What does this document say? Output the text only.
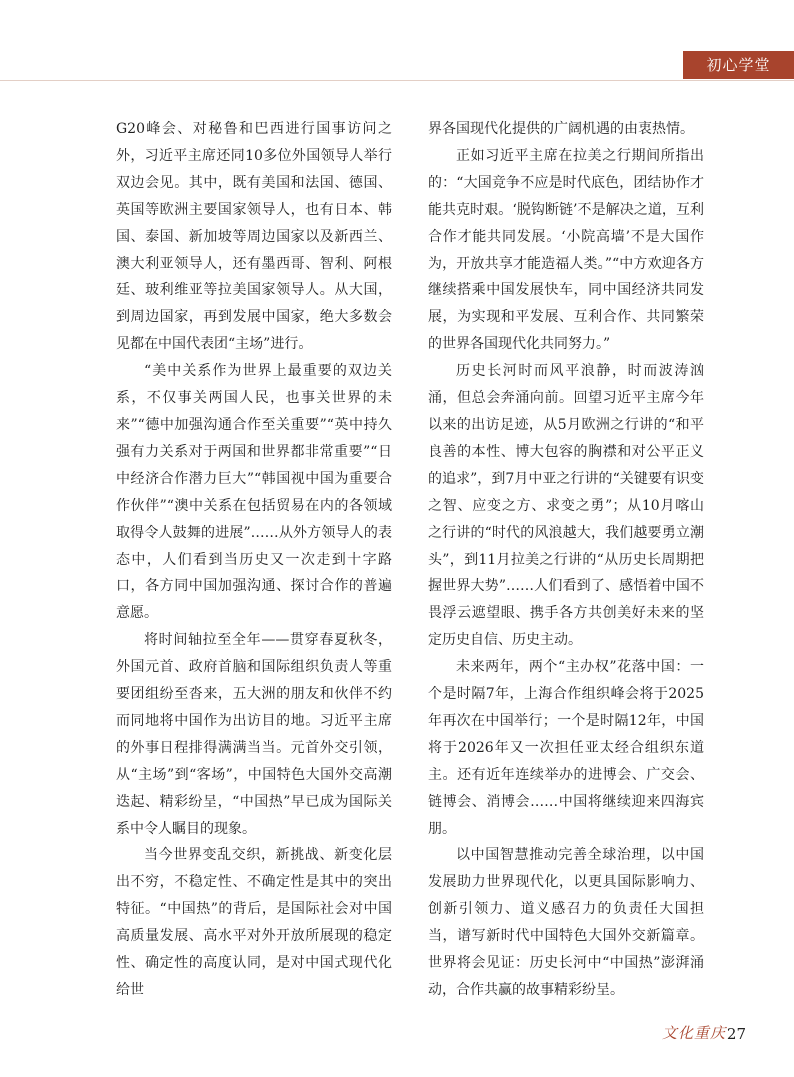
初心学堂

G20峰会、对秘鲁和巴西进行国事访问之外，习近平主席还同10多位外国领导人举行双边会见。其中，既有美国和法国、德国、英国等欧洲主要国家领导人，也有日本、韩国、泰国、新加坡等周边国家以及新西兰、澳大利亚领导人，还有墨西哥、智利、阿根廷、玻利维亚等拉美国家领导人。从大国，到周边国家，再到发展中国家，绝大多数会见都在中国代表团“主场”进行。

“美中关系作为世界上最重要的双边关系，不仅事关两国人民，也事关世界的未来”“德中加强沟通合作至关重要”“英中持久强有力关系对于两国和世界都非常重要”“日中经济合作潜力巨大”“韩国视中国为重要合作伙伴”“澳中关系在包括贸易在内的各领域取得令人鼓舞的进展”……从外方领导人的表态中，人们看到当历史又一次走到十字路口，各方同中国加强沟通、探讨合作的普遍意愿。

将时间轴拉至全年——贯穿春夏秋冬，外国元首、政府首脑和国际组织负责人等重要团组纷至沓来，五大洲的朋友和伙伴不约而同地将中国作为出访目的地。习近平主席的外事日程排得满满当当。元首外交引领，从“主场”到“客场”，中国特色大国外交高潮迭起、精彩纷呈，“中国热”早已成为国际关系中令人瞩目的现象。

当今世界变乱交织，新挑战、新变化层出不穷，不稳定性、不确定性是其中的突出特征。“中国热”的背后，是国际社会对中国高质量发展、高水平对外开放所展现的稳定性、确定性的高度认同，是对中国式现代化给世

界各国现代化提供的广阔机遇的由衷热情。

正如习近平主席在拉美之行期间所指出的：“大国竞争不应是时代底色，团结协作才能共克时艰。‘脱钩断链’不是解决之道，互利合作才能共同发展。‘小院高墙’不是大国作为，开放共享才能造福人类。”“中方欢迎各方继续搭乘中国发展快车，同中国经济共同发展，为实现和平发展、互利合作、共同繁荣的世界各国现代化共同努力。”

历史长河时而风平浪静，时而波涛汹涌，但总会奔涌向前。回望习近平主席今年以来的出访足迹，从5月欧洲之行讲的“和平良善的本性、博大包容的胸襟和对公平正义的追求”，到7月中亚之行讲的“关键要有识变之智、应变之方、求变之勇”；从10月喀山之行讲的“时代的风浪越大，我们越要勇立潮头”，到11月拉美之行讲的“从历史长周期把握世界大势”……人们看到了、感悟着中国不畏浮云遮望眼、携手各方共创美好未来的坚定历史自信、历史主动。

未来两年，两个“主办权”花落中国：一个是时隔7年，上海合作组织峰会将于2025年再次在中国举行；一个是时隔12年，中国将于2026年又一次担任亚太经合组织东道主。还有近年连续举办的进博会、广交会、链博会、消博会……中国将继续迎来四海宾朋。

以中国智慧推动完善全球治理，以中国发展助力世界现代化，以更具国际影响力、创新引领力、道义感召力的负责任大国担当，谱写新时代中国特色大国外交新篇章。世界将会见证：历史长河中“中国热”澎湃涌动，合作共赢的故事精彩纷呈。

文化重庆 27
